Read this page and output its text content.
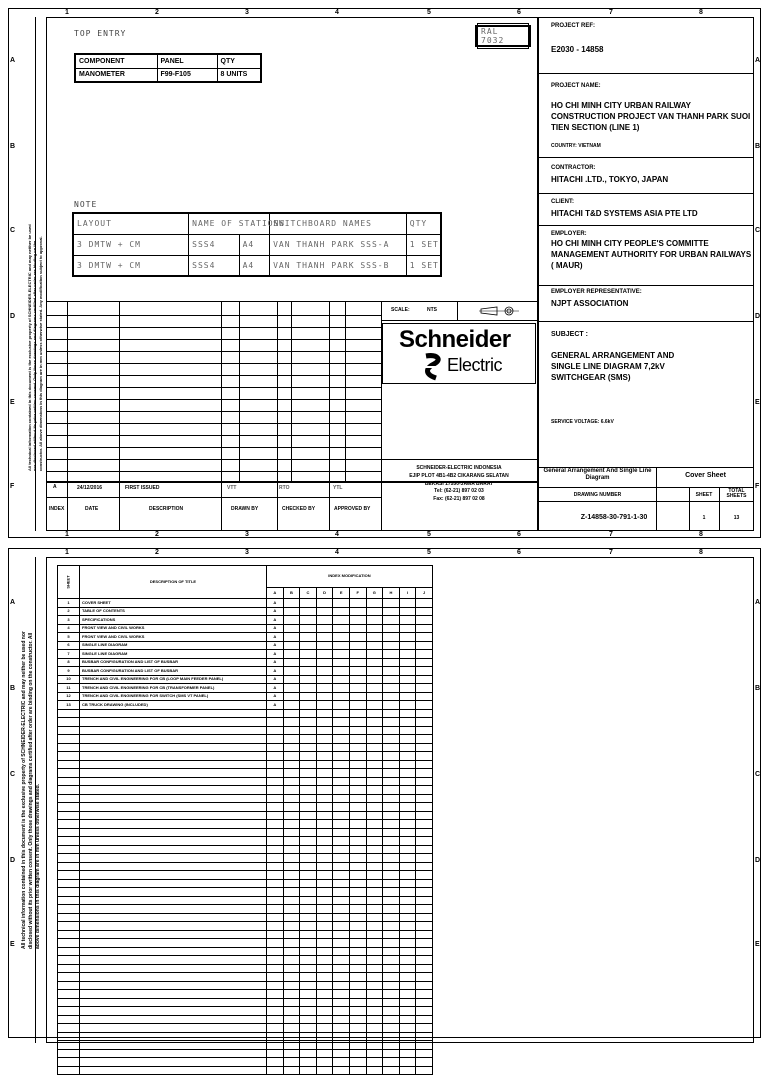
1	2	3	4	5	6	7	8
1	2	3	4	5	6	7	8
A
B
C
D
E
F
A
B
C
D
E
F
All technical information contained in this document is the exclusive property of SCHNEIDER-ELECTRIC and may neither be used nor disclosed without its prior written consent. Only those drawings and diagrams certified after order are binding on the constructor. All above dimensions in this diagram are in mm unless otherwise stated. Any modification subject to approval.
TOP ENTRY	RAL 7032
COMPONENT	PANEL	QTY
MANOMETER	F99-F105	8 UNITS
NOTE
LAYOUT	NAME OF STATIONS		SWITCHBOARD NAMES	QTY
3 DMTW + CM	SSS4	A4	VAN THANH PARK SSS-A	1 SET
3 DMTW + CM	SSS4	A4	VAN THANH PARK SSS-B	1 SET
A	24/12/2016	FIRST ISSUED	VTT	RTO	YTL
INDEX	DATE	DESCRIPTION	DRAWN BY	CHECKED BY	APPROVED BY
SCALE:	NTS
Schneider
Electric
SCHNEIDER-ELECTRIC INDONESIA
EJIP PLOT 4B1-4B2 CIKARANG SELATAN
BEKASI 17550-JAWA BARAT
Tel: (62-21) 897 02 03
Fax: (62-21) 897 02 08
PROJECT REF:
E2030 - 14858
PROJECT NAME:
HO CHI MINH CITY URBAN RAILWAY CONSTRUCTION PROJECT VAN THANH PARK SUOI TIEN SECTION (LINE 1)
COUNTRY: VIETNAM
CONTRACTOR:
HITACHI .LTD., TOKYO, JAPAN
CLIENT:
HITACHI T&D SYSTEMS ASIA PTE LTD
EMPLOYER:
HO CHI MINH CITY PEOPLE'S COMMITTE MANAGEMENT AUTHORITY FOR URBAN RAILWAYS ( MAUR)
EMPLOYER REPRESENTATIVE:
NJPT ASSOCIATION
SUBJECT :
GENERAL ARRANGEMENT AND SINGLE LINE DIAGRAM 7,2kV SWITCHGEAR (SMS)
SERVICE VOLTAGE: 6.6kV
General Arrangement And Single Line Diagram	Cover Sheet
DRAWING NUMBER	SHEET
TOTAL SHEETS
Z-14858-30-791-1-30	1	13
1	2	3	4	5	6	7	8
A
B
C
D
E
A
B
C
D
E
All technical information contained in this document is the exclusive property of SCHNEIDER-ELECTRIC and may neither be used nor disclosed without its prior written consent. Only those drawings and diagrams certified after order are binding on the constructor. All above dimensions in this diagram are in mm unless otherwise stated.
SHEET	DESCRIPTION OF TITLE	INDEX MODIFICATION									
		A	B	C	D	E	F	G	H	I	J
1	COVER SHEET	A									
2	TABLE OF CONTENTS	A									
3	SPECIFICATIONS	A									
4	FRONT VIEW AND CIVIL WORKS	A									
5	FRONT VIEW AND CIVIL WORKS	A									
6	SINGLE LINE DIAGRAM	A									
7	SINGLE LINE DIAGRAM	A									
8	BUSBAR CONFIGURATION AND LIST OF BUSBAR	A									
9	BUSBAR CONFIGURATION AND LIST OF BUSBAR	A									
10	TRENCH AND CIVIL ENGINEERING FOR CB (LOOP MAIN FEEDER PANEL)	A									
11	TRENCH AND CIVIL ENGINEERING FOR CB (TRANSFORMER PANEL)	A									
12	TRENCH AND CIVIL ENGINEERING FOR SWITCH (SMS VT PANEL)	A									
13	CB TRUCK DRAWING (INCLUDED)	A									
